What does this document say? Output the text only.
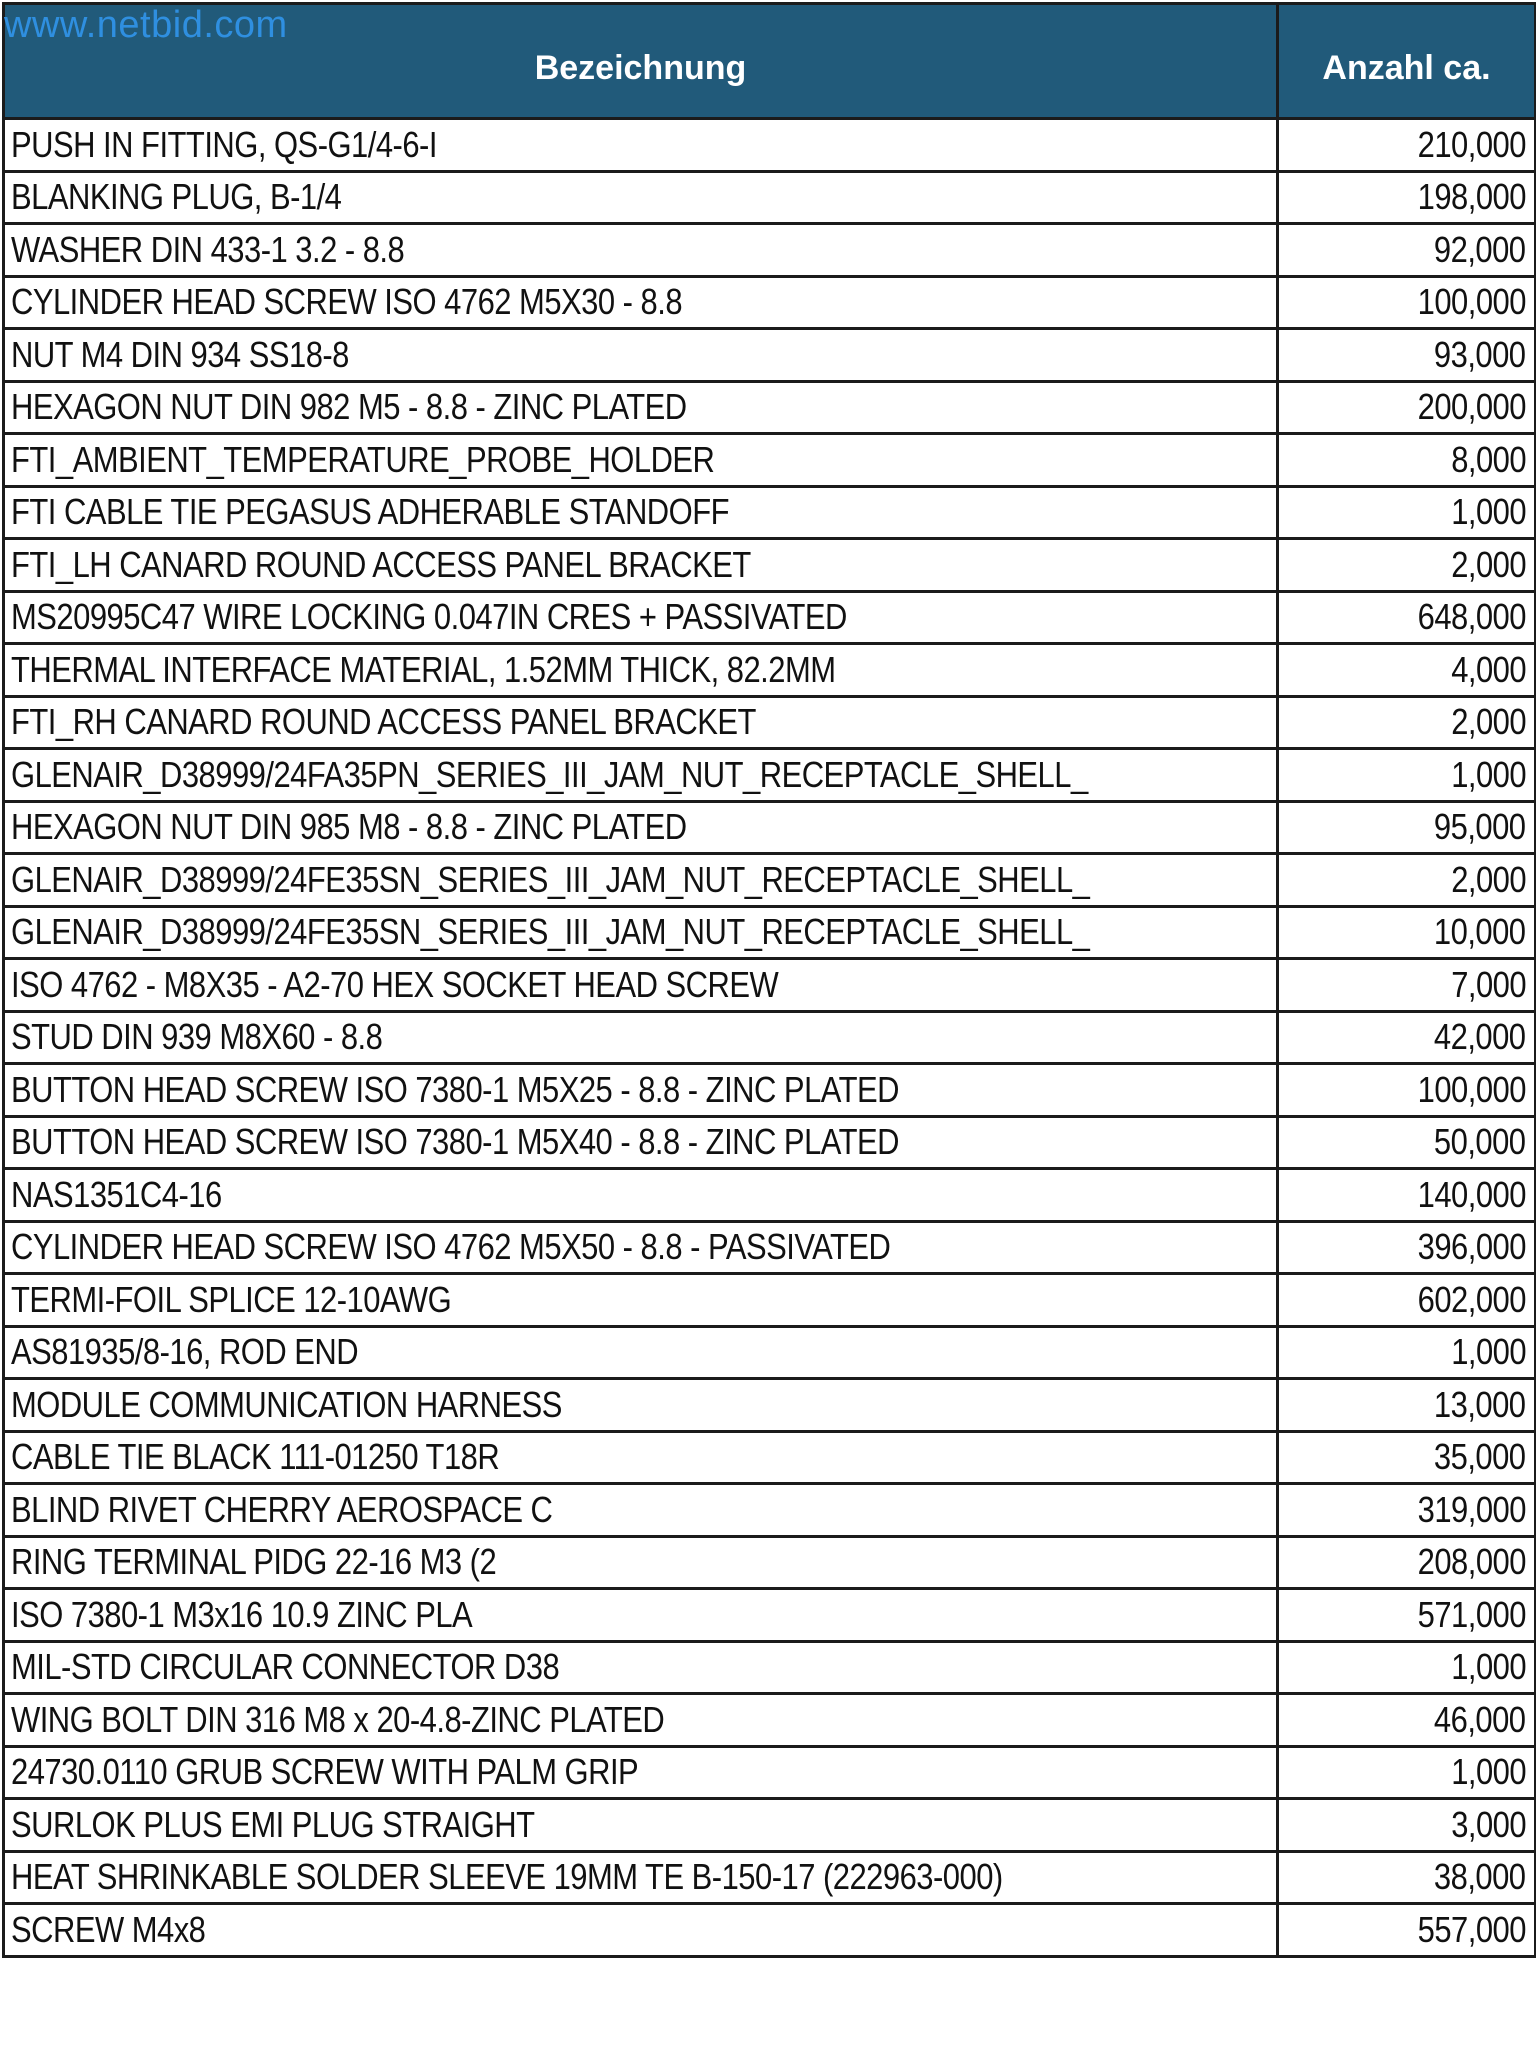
www.netbid.com
Bezeichnung	Anzahl ca.
PUSH IN FITTING, QS-G1/4-6-I	210,000
BLANKING PLUG, B-1/4	198,000
WASHER DIN 433-1 3.2 - 8.8	92,000
CYLINDER HEAD SCREW ISO 4762 M5X30 - 8.8	100,000
NUT M4 DIN 934 SS18-8	93,000
HEXAGON NUT DIN 982 M5 - 8.8 - ZINC PLATED	200,000
FTI_AMBIENT_TEMPERATURE_PROBE_HOLDER	8,000
FTI CABLE TIE PEGASUS ADHERABLE STANDOFF	1,000
FTI_LH CANARD ROUND ACCESS PANEL BRACKET	2,000
MS20995C47 WIRE LOCKING 0.047IN CRES + PASSIVATED	648,000
THERMAL INTERFACE MATERIAL, 1.52MM THICK, 82.2MM	4,000
FTI_RH CANARD ROUND ACCESS PANEL BRACKET	2,000
GLENAIR_D38999/24FA35PN_SERIES_III_JAM_NUT_RECEPTACLE_SHELL_	1,000
HEXAGON NUT DIN 985 M8 - 8.8 - ZINC PLATED	95,000
GLENAIR_D38999/24FE35SN_SERIES_III_JAM_NUT_RECEPTACLE_SHELL_	2,000
GLENAIR_D38999/24FE35SN_SERIES_III_JAM_NUT_RECEPTACLE_SHELL_	10,000
ISO 4762 - M8X35 - A2-70 HEX SOCKET HEAD SCREW	7,000
STUD DIN 939 M8X60 - 8.8	42,000
BUTTON HEAD SCREW ISO 7380-1 M5X25 - 8.8 - ZINC PLATED	100,000
BUTTON HEAD SCREW ISO 7380-1 M5X40 - 8.8 - ZINC PLATED	50,000
NAS1351C4-16	140,000
CYLINDER HEAD SCREW ISO 4762 M5X50 - 8.8 - PASSIVATED	396,000
TERMI-FOIL SPLICE 12-10AWG	602,000
AS81935/8-16, ROD END	1,000
MODULE COMMUNICATION HARNESS	13,000
CABLE TIE BLACK 111-01250 T18R	35,000
BLIND RIVET CHERRY AEROSPACE C	319,000
RING TERMINAL PIDG 22-16 M3 (2	208,000
ISO 7380-1 M3x16 10.9 ZINC PLA	571,000
MIL-STD CIRCULAR CONNECTOR D38	1,000
WING BOLT DIN 316 M8 x 20-4.8-ZINC PLATED	46,000
24730.0110 GRUB SCREW WITH PALM GRIP	1,000
SURLOK PLUS EMI PLUG STRAIGHT	3,000
HEAT SHRINKABLE SOLDER SLEEVE 19MM TE B-150-17 (222963-000)	38,000
SCREW M4x8	557,000
